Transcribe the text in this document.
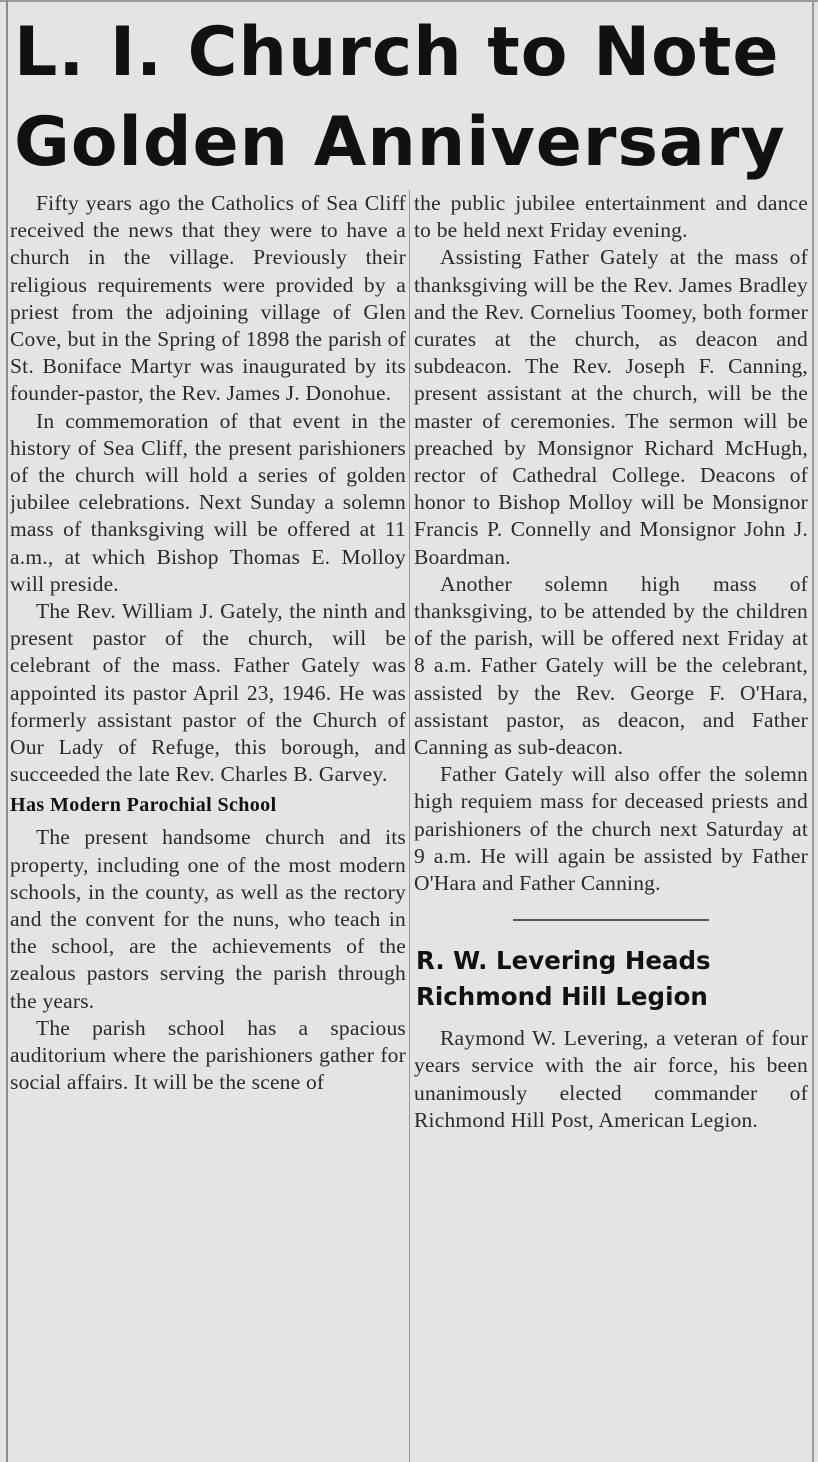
L. I. Church to Note
Golden Anniversary

Fifty years ago the Catholics of Sea Cliff received the news that they were to have a church in the village. Previously their religious requirements were provided by a priest from the adjoining village of Glen Cove, but in the Spring of 1898 the parish of St. Boniface Martyr was inaugurated by its founder-pastor, the Rev. James J. Donohue.

In commemoration of that event in the history of Sea Cliff, the present parishioners of the church will hold a series of golden jubilee celebrations. Next Sunday a solemn mass of thanksgiving will be offered at 11 a.m., at which Bishop Thomas E. Molloy will preside.

The Rev. William J. Gately, the ninth and present pastor of the church, will be celebrant of the mass. Father Gately was appointed its pastor April 23, 1946. He was formerly assistant pastor of the Church of Our Lady of Refuge, this borough, and succeeded the late Rev. Charles B. Garvey.

Has Modern Parochial School

The present handsome church and its property, including one of the most modern schools, in the county, as well as the rectory and the convent for the nuns, who teach in the school, are the achievements of the zealous pastors serving the parish through the years.

The parish school has a spacious auditorium where the parishioners gather for social affairs. It will be the scene of

the public jubilee entertainment and dance to be held next Friday evening.

Assisting Father Gately at the mass of thanksgiving will be the Rev. James Bradley and the Rev. Cornelius Toomey, both former curates at the church, as deacon and subdeacon. The Rev. Joseph F. Canning, present assistant at the church, will be the master of ceremonies. The sermon will be preached by Monsignor Richard McHugh, rector of Cathedral College. Deacons of honor to Bishop Molloy will be Monsignor Francis P. Connelly and Monsignor John J. Boardman.

Another solemn high mass of thanksgiving, to be attended by the children of the parish, will be offered next Friday at 8 a.m. Father Gately will be the celebrant, assisted by the Rev. George F. O'Hara, assistant pastor, as deacon, and Father Canning as sub-deacon.

Father Gately will also offer the solemn high requiem mass for deceased priests and parishioners of the church next Saturday at 9 a.m. He will again be assisted by Father O'Hara and Father Canning.

R. W. Levering Heads
Richmond Hill Legion

Raymond W. Levering, a veteran of four years service with the air force, his been unanimously elected commander of Richmond Hill Post, American Legion.
